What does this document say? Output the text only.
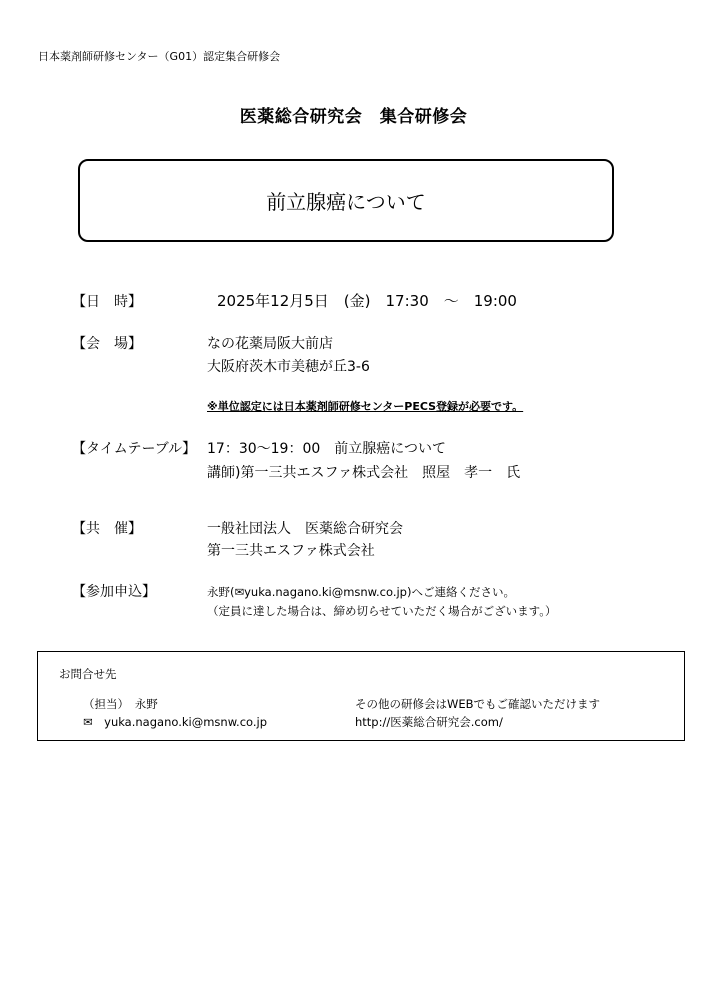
日本薬剤師研修センター（G01）認定集合研修会
医薬総合研究会　集合研修会
前立腺癌について
【日　時】	2025年12月5日　(金)　17:30　～　19:00
【会　場】	なの花薬局阪大前店
大阪府茨木市美穂が丘3-6
※単位認定には日本薬剤師研修センターPECS登録が必要です。
【タイムテーブル】 17：30～19：00　前立腺癌について
講師)第一三共エスファ株式会社　照屋　孝一　氏
【共　催】	一般社団法人　医薬総合研究会
第一三共エスファ株式会社
【参加申込】	永野(✉yuka.nagano.ki@msnw.co.jp)へご連絡ください。
（定員に達した場合は、締め切らせていただく場合がございます。）
お問合せ先
（担当）　永野
✉　yuka.nagano.ki@msnw.co.jp
その他の研修会はWEBでもご確認いただけます
http://医薬総合研究会.com/
